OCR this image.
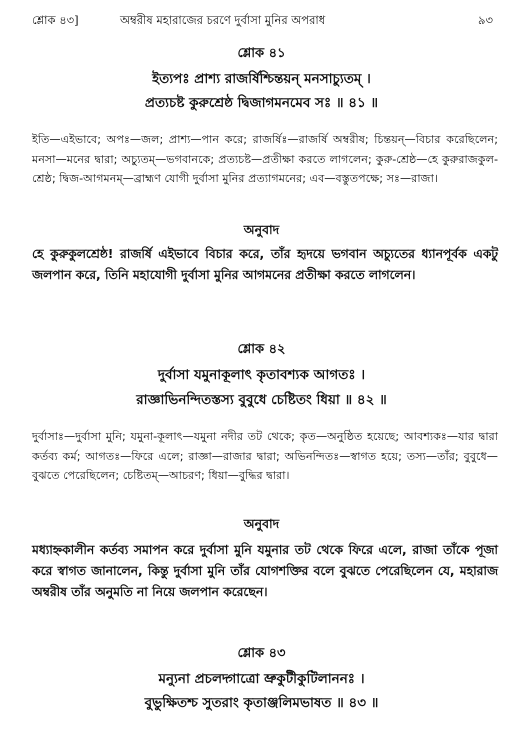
শ্লোক ৪৩]	অম্বরীষ মহারাজের চরণে দুর্বাসা মুনির অপরাধ	৯৩
শ্লোক ৪১
ইত্যপঃ প্রাশ্য রাজর্ষিশ্চিন্তয়ন্ মনসাচ্যুতম্ ।
প্রত্যচষ্ট কুরুশ্রেষ্ঠ দ্বিজাগমনমেব সঃ ॥ ৪১ ॥

ইতি—এইভাবে; অপঃ—জল; প্রাশ্য—পান করে; রাজর্ষিঃ—রাজর্ষি অম্বরীষ; চিন্তয়ন্—বিচার করেছিলেন; মনসা—মনের দ্বারা; অচ্যুতম্—ভগবানকে; প্রত্যচষ্ট—প্রতীক্ষা করতে লাগলেন; কুরু-শ্রেষ্ঠ—হে কুরুরাজকুল-শ্রেষ্ঠ; দ্বিজ-আগমনম্—ব্রাহ্মণ যোগী দুর্বাসা মুনির প্রত্যাগমনের; এব—বস্তুতপক্ষে; সঃ—রাজা।

অনুবাদ

হে কুরুকুলশ্রেষ্ঠ! রাজর্ষি এইভাবে বিচার করে, তাঁর হৃদয়ে ভগবান অচ্যুতের ধ্যানপূর্বক একটু জলপান করে, তিনি মহাযোগী দুর্বাসা মুনির আগমনের প্রতীক্ষা করতে লাগলেন।

শ্লোক ৪২
দুর্বাসা যমুনাকূলাৎ কৃতাবশ্যক আগতঃ ।
রাজ্ঞাভিনন্দিতস্তস্য বুবুধে চেষ্টিতং ধিয়া ॥ ৪২ ॥

দুর্বাসাঃ—দুর্বাসা মুনি; যমুনা-কূলাৎ—যমুনা নদীর তট থেকে; কৃত—অনুষ্ঠিত হয়েছে; আবশ্যকঃ—যার দ্বারা কর্তব্য কর্ম; আগতঃ—ফিরে এলে; রাজ্ঞা—রাজার দ্বারা; অভিনন্দিতঃ—স্বাগত হয়ে; তস্য—তাঁর; বুবুধে—বুঝতে পেরেছিলেন; চেষ্টিতম্—আচরণ; ধিয়া—বুদ্ধির দ্বারা।

অনুবাদ

মধ্যাহ্নকালীন কর্তব্য সমাপন করে দুর্বাসা মুনি যমুনার তট থেকে ফিরে এলে, রাজা তাঁকে পূজা করে স্বাগত জানালেন, কিন্তু দুর্বাসা মুনি তাঁর যোগশক্তির বলে বুঝতে পেরেছিলেন যে, মহারাজ অম্বরীষ তাঁর অনুমতি না নিয়ে জলপান করেছেন।

শ্লোক ৪৩
মন্যুনা প্রচলদ্গাত্রো ভ্রুকুটীকুটিলাননঃ ।
বুভুক্ষিতশ্চ সুতরাং কৃতাঞ্জলিমভাষত ॥ ৪৩ ॥
